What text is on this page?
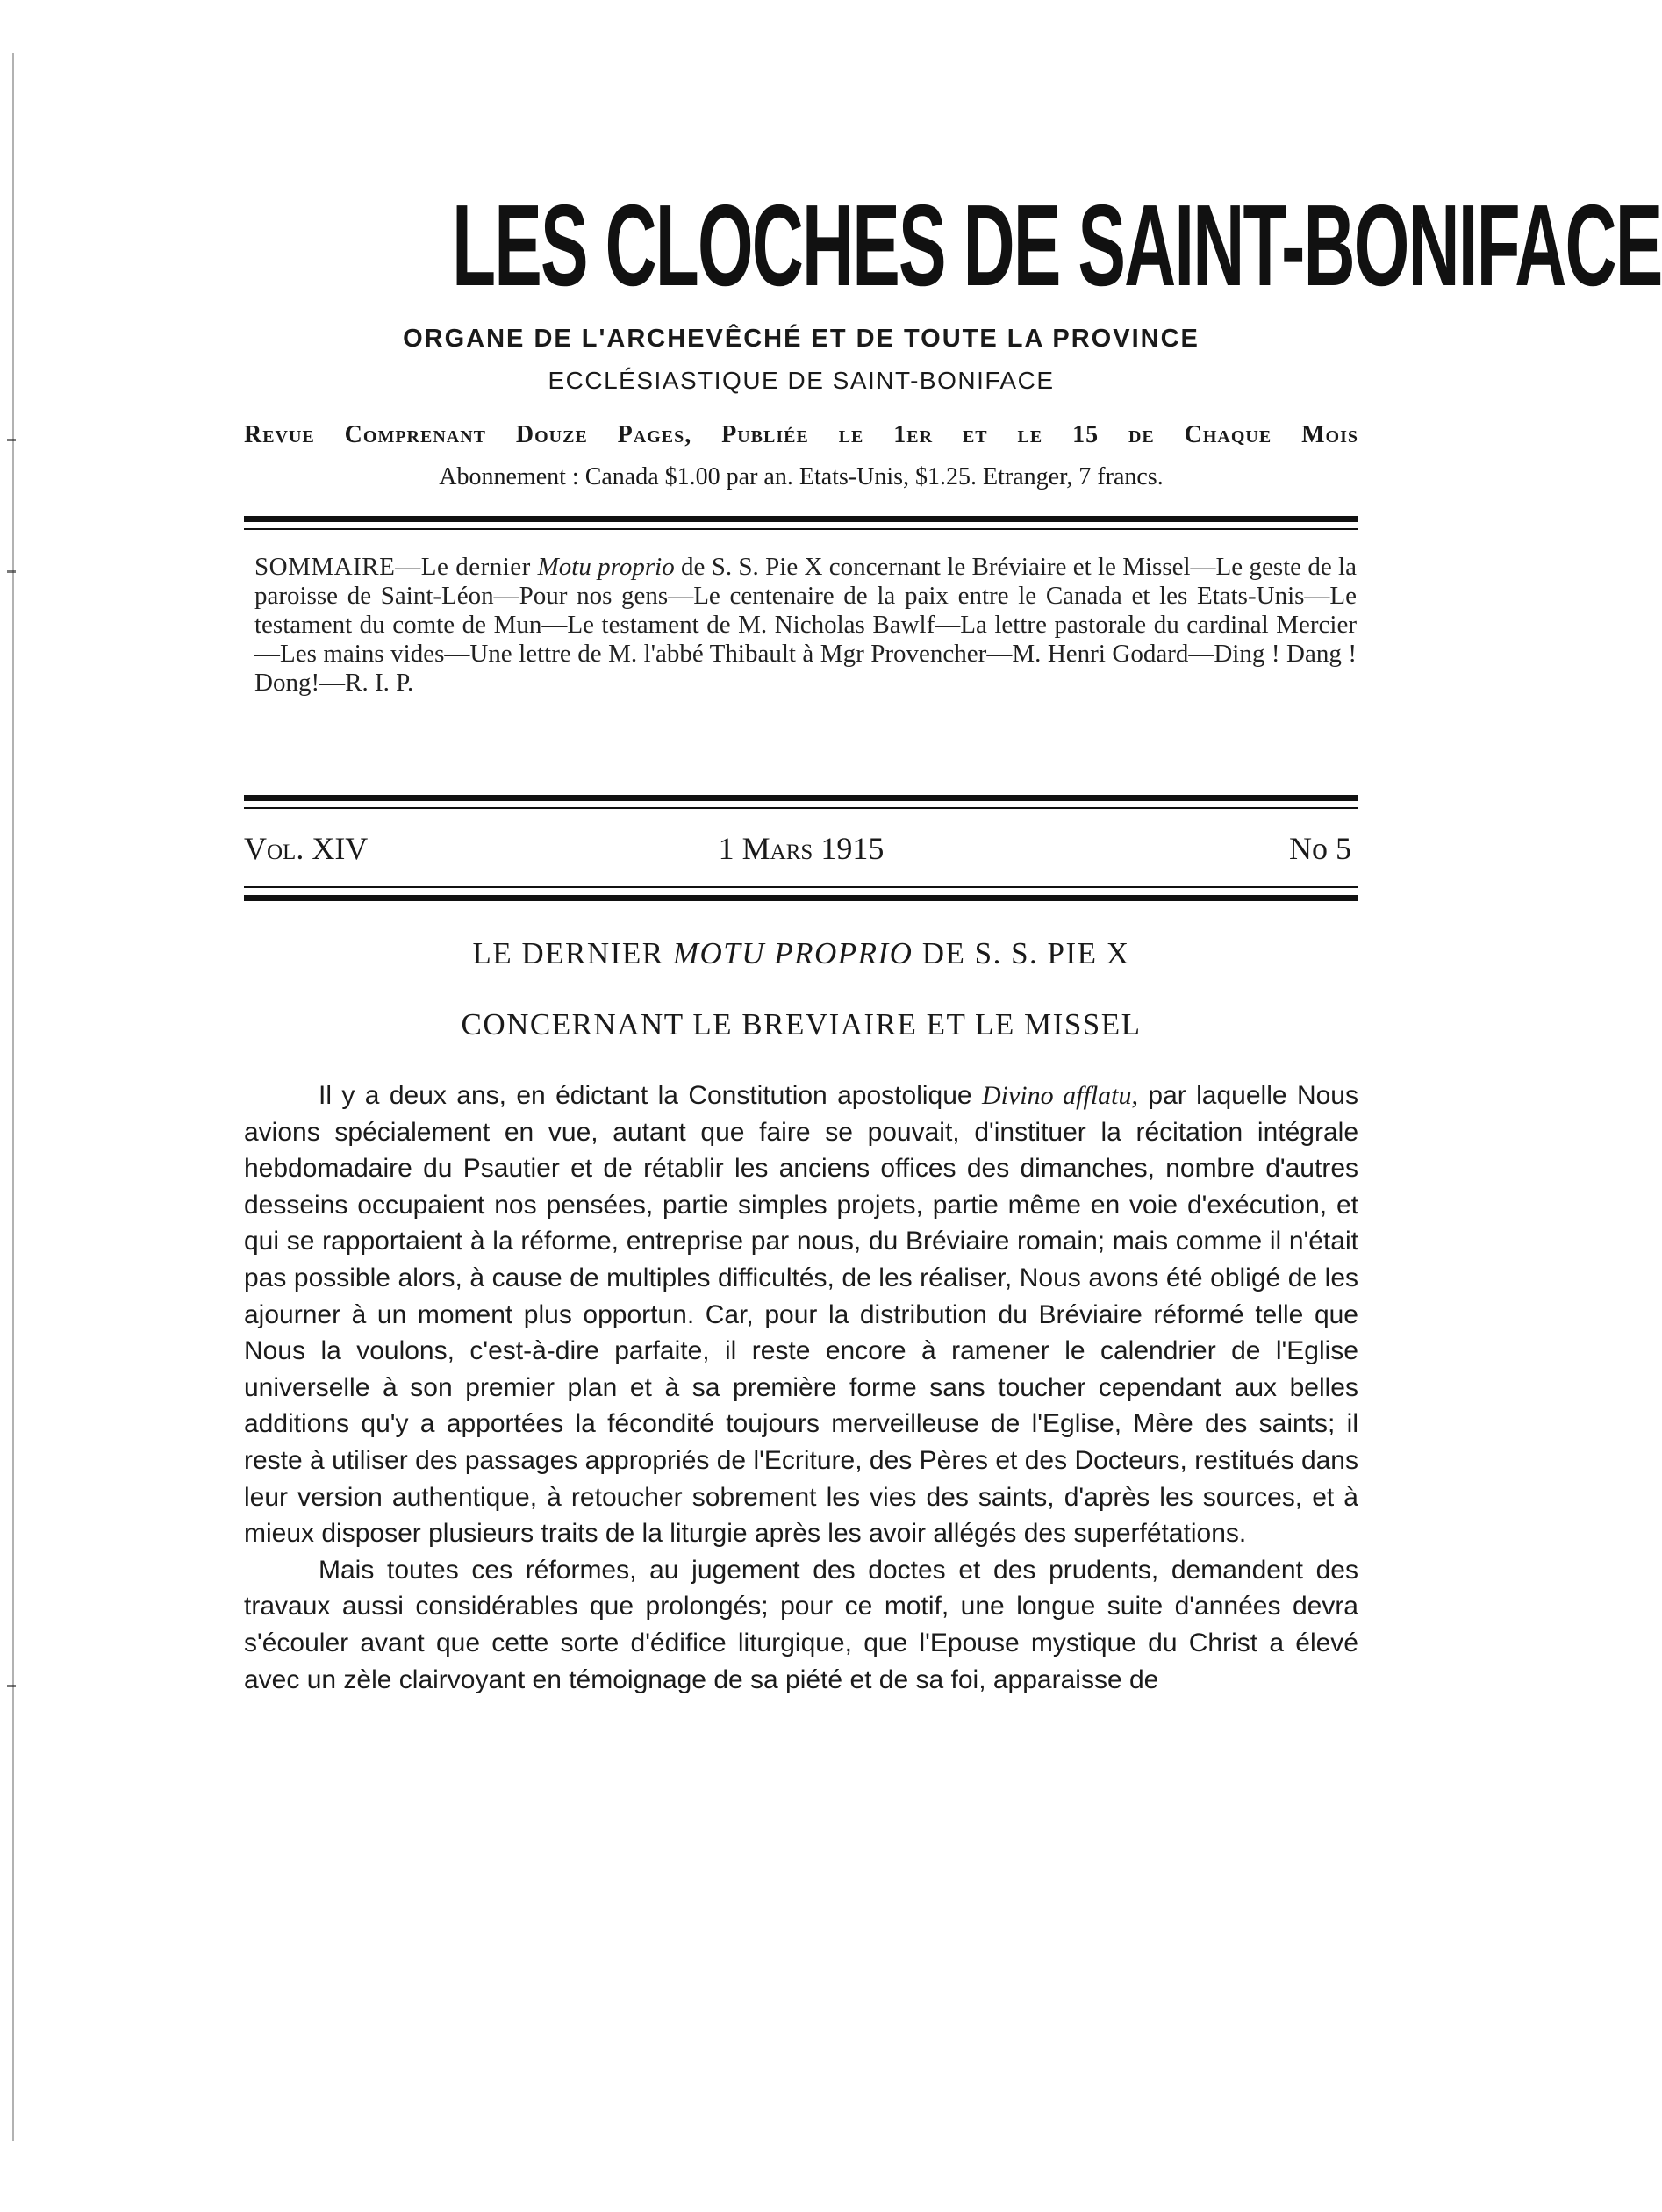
LES CLOCHES DE SAINT-BONIFACE
ORGANE DE L'ARCHEVÊCHÉ ET DE TOUTE LA PROVINCE
ECCLÉSIASTIQUE DE SAINT-BONIFACE
Revue Comprenant Douze Pages, Publiée le 1er et le 15 de Chaque Mois
Abonnement : Canada $1.00 par an. Etats-Unis, $1.25. Etranger, 7 francs.
SOMMAIRE—Le dernier Motu proprio de S. S. Pie X concernant le Bréviaire et le Missel—Le geste de la paroisse de Saint-Léon—Pour nos gens—Le centenaire de la paix entre le Canada et les Etats-Unis—Le testament du comte de Mun—Le testament de M. Nicholas Bawlf—La lettre pastorale du cardinal Mercier—Les mains vides—Une lettre de M. l'abbé Thibault à Mgr Provencher—M. Henri Godard—Ding ! Dang ! Dong!—R. I. P.
Vol. XIV	1 Mars 1915	No 5
LE DERNIER MOTU PROPRIO DE S. S. PIE X
CONCERNANT LE BREVIAIRE ET LE MISSEL

Il y a deux ans, en édictant la Constitution apostolique Divino afflatu, par laquelle Nous avions spécialement en vue, autant que faire se pouvait, d'instituer la récitation intégrale hebdomadaire du Psautier et de rétablir les anciens offices des dimanches, nombre d'autres desseins occupaient nos pensées, partie simples projets, partie même en voie d'exécution, et qui se rapportaient à la réforme, entreprise par nous, du Bréviaire romain; mais comme il n'était pas possible alors, à cause de multiples difficultés, de les réaliser, Nous avons été obligé de les ajourner à un moment plus opportun. Car, pour la distribution du Bréviaire réformé telle que Nous la voulons, c'est-à-dire parfaite, il reste encore à ramener le calendrier de l'Eglise universelle à son premier plan et à sa première forme sans toucher cependant aux belles additions qu'y a apportées la fécondité toujours merveilleuse de l'Eglise, Mère des saints; il reste à utiliser des passages appropriés de l'Ecriture, des Pères et des Docteurs, restitués dans leur version authentique, à retoucher sobrement les vies des saints, d'après les sources, et à mieux disposer plusieurs traits de la liturgie après les avoir allégés des superfétations.

Mais toutes ces réformes, au jugement des doctes et des prudents, demandent des travaux aussi considérables que prolongés; pour ce motif, une longue suite d'années devra s'écouler avant que cette sorte d'édifice liturgique, que l'Epouse mystique du Christ a élevé avec un zèle clairvoyant en témoignage de sa piété et de sa foi, apparaisse de
